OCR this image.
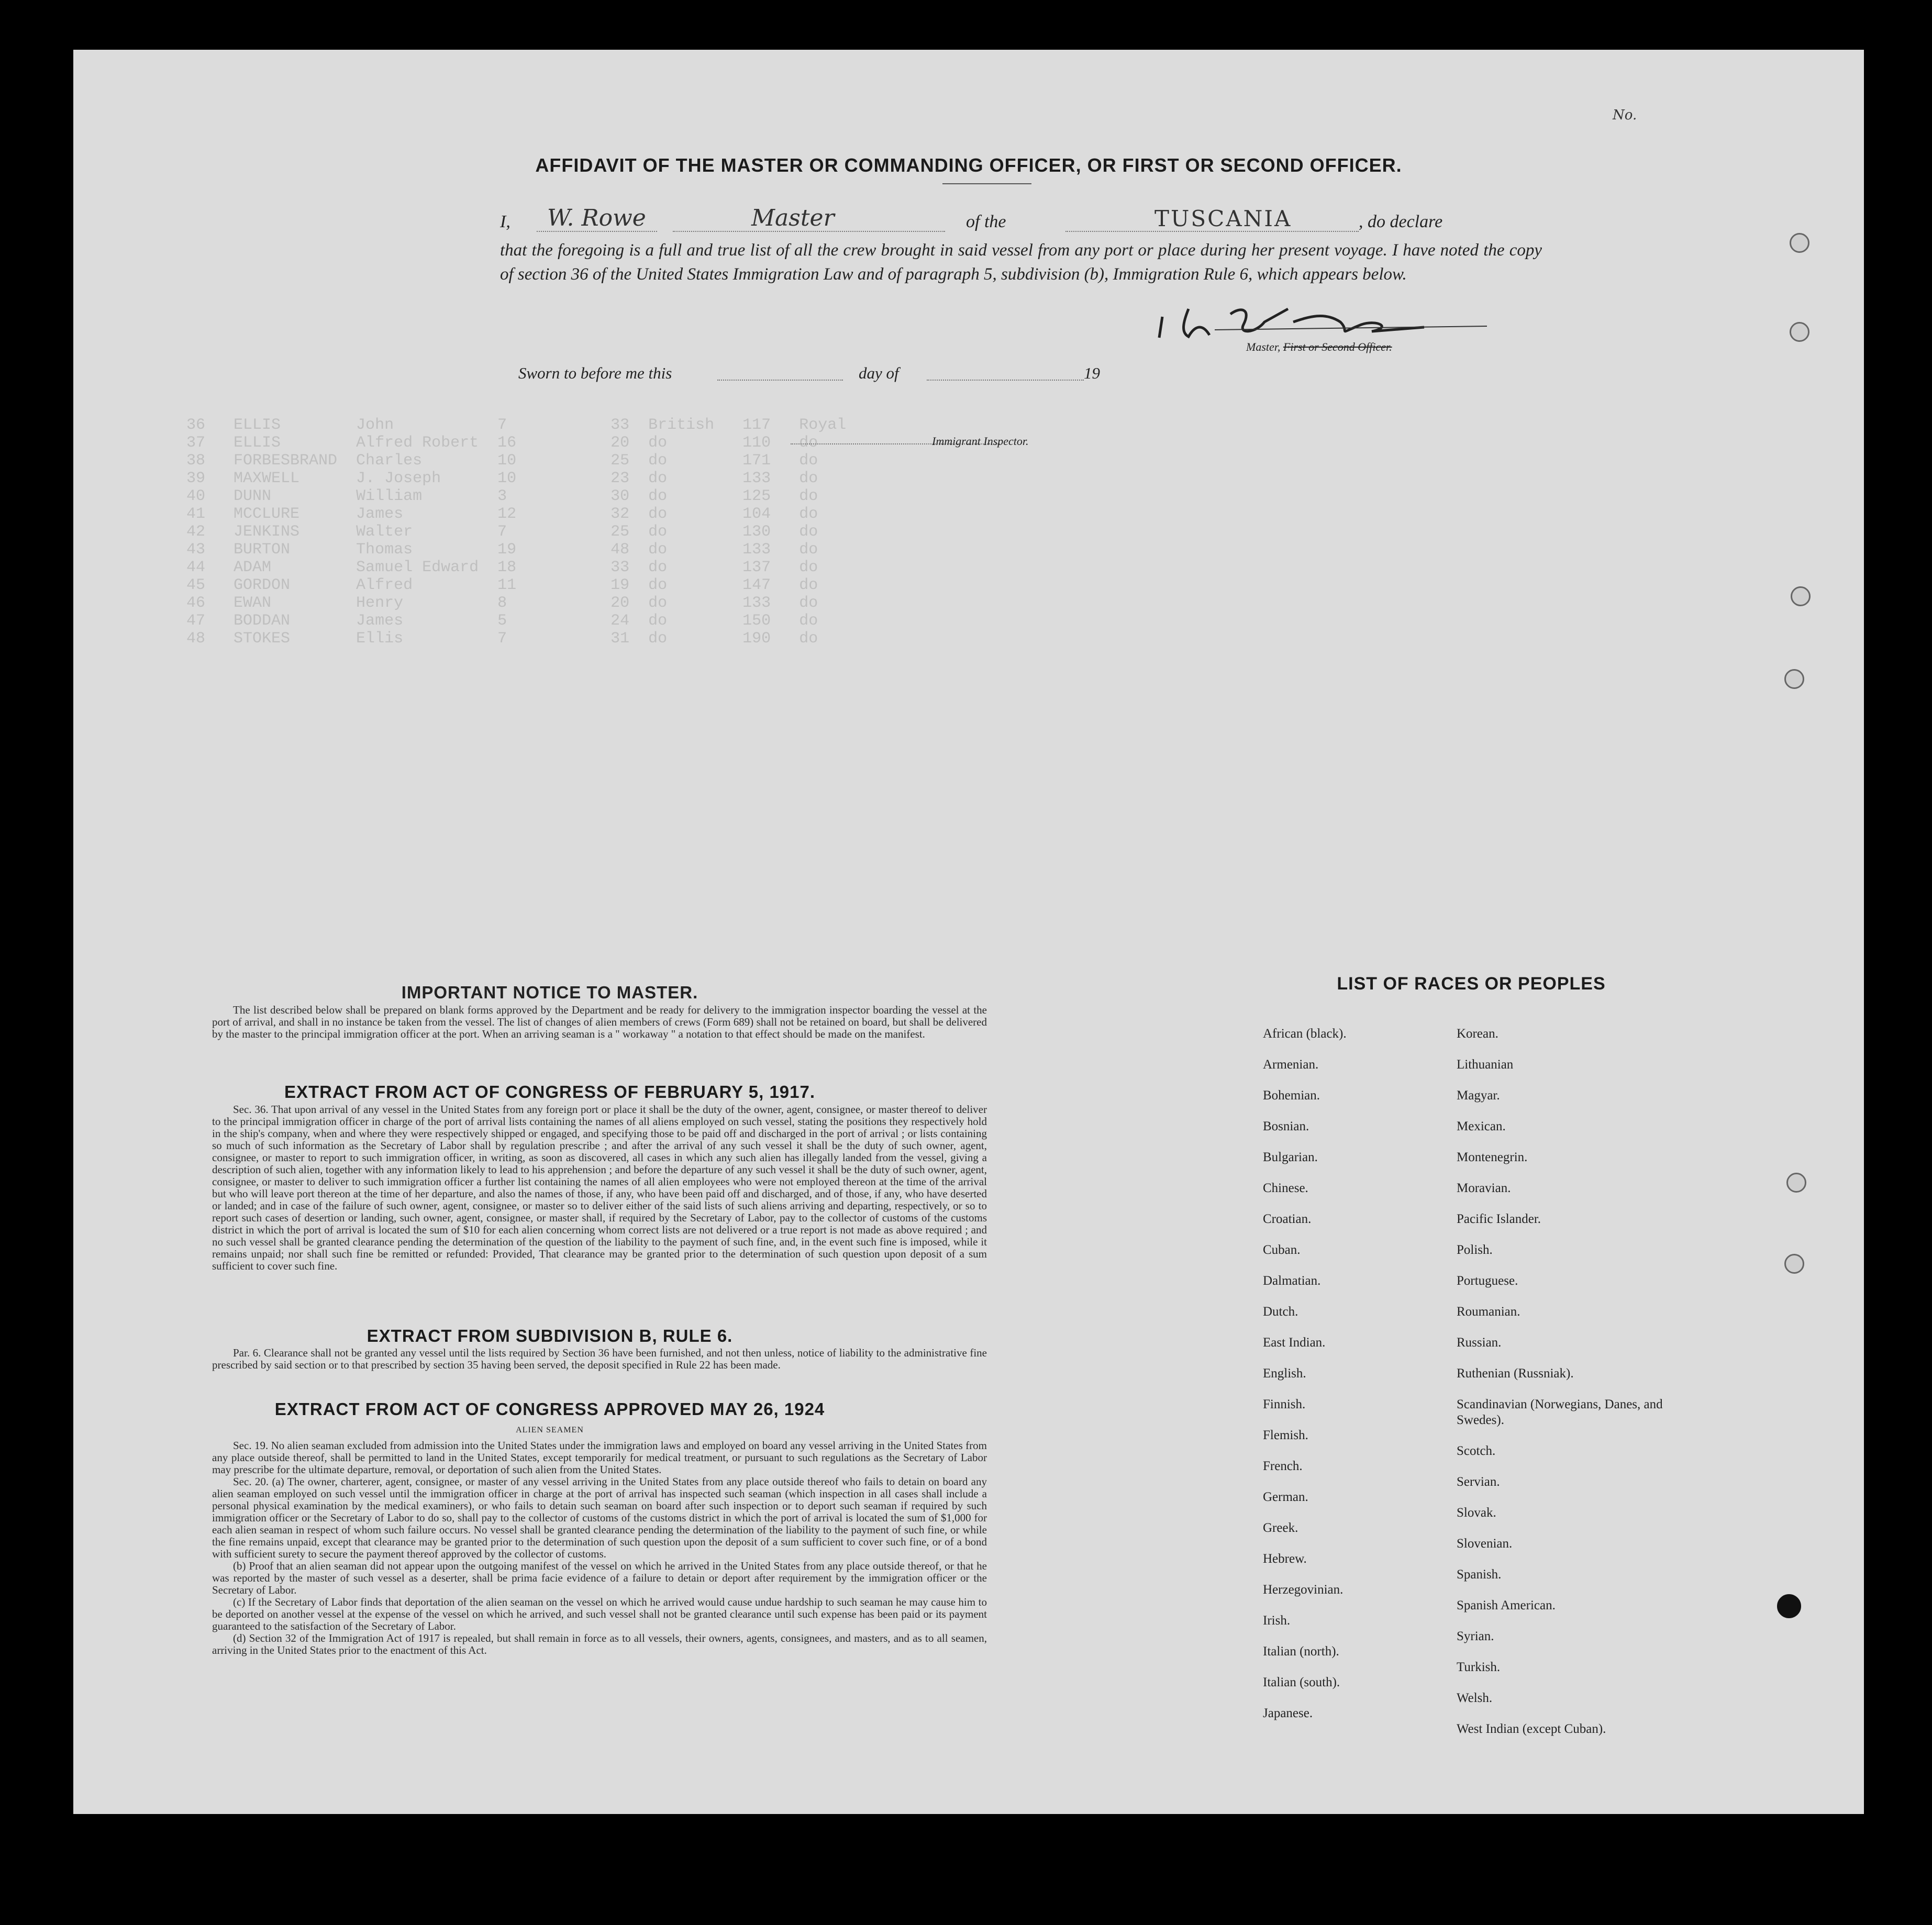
36   ELLIS        John           7           33  British   117   Royal
37   ELLIS        Alfred Robert  16          20  do        110   do
38   FORBESBRAND  Charles        10          25  do        171   do
39   MAXWELL      J. Joseph      10          23  do        133   do
40   DUNN         William        3           30  do        125   do
41   MCCLURE      James          12          32  do        104   do
42   JENKINS      Walter         7           25  do        130   do
43   BURTON       Thomas         19          48  do        133   do
44   ADAM         Samuel Edward  18          33  do        137   do
45   GORDON       Alfred         11          19  do        147   do
46   EWAN         Henry          8           20  do        133   do
47   BODDAN       James          5           24  do        150   do
48   STOKES       Ellis          7           31  do        190   do
AFFIDAVIT OF THE MASTER OR COMMANDING OFFICER, OR FIRST OR SECOND OFFICER.
I, W. Rowe	Master	of the	TUSCANIA	, do declare
that the foregoing is a full and true list of all the crew brought in said vessel from any port or place during her present voyage. I have noted the copy of section 36 of the United States Immigration Law and of paragraph 5, subdivision (b), Immigration Rule 6, which appears below.
Master, First or Second Officer.
Sworn to before me this	day of	19
Immigrant Inspector.
IMPORTANT NOTICE TO MASTER.
The list described below shall be prepared on blank forms approved by the Department and be ready for delivery to the immigration inspector boarding the vessel at the port of arrival, and shall in no instance be taken from the vessel. The list of changes of alien members of crews (Form 689) shall not be retained on board, but shall be delivered by the master to the principal immigration officer at the port. When an arriving seaman is a " workaway " a notation to that effect should be made on the manifest.
EXTRACT FROM ACT OF CONGRESS OF FEBRUARY 5, 1917.
Sec. 36. That upon arrival of any vessel in the United States from any foreign port or place it shall be the duty of the owner, agent, consignee, or master thereof to deliver to the principal immigration officer in charge of the port of arrival lists containing the names of all aliens employed on such vessel, stating the positions they respectively hold in the ship's company, when and where they were respectively shipped or engaged, and specifying those to be paid off and discharged in the port of arrival ; or lists containing so much of such information as the Secretary of Labor shall by regulation prescribe ; and after the arrival of any such vessel it shall be the duty of such owner, agent, consignee, or master to report to such immigration officer, in writing, as soon as discovered, all cases in which any such alien has illegally landed from the vessel, giving a description of such alien, together with any information likely to lead to his apprehension ; and before the departure of any such vessel it shall be the duty of such owner, agent, consignee, or master to deliver to such immigration officer a further list containing the names of all alien employees who were not employed thereon at the time of the arrival but who will leave port thereon at the time of her departure, and also the names of those, if any, who have been paid off and discharged, and of those, if any, who have deserted or landed; and in case of the failure of such owner, agent, consignee, or master so to deliver either of the said lists of such aliens arriving and departing, respectively, or so to report such cases of desertion or landing, such owner, agent, consignee, or master shall, if required by the Secretary of Labor, pay to the collector of customs of the customs district in which the port of arrival is located the sum of $10 for each alien concerning whom correct lists are not delivered or a true report is not made as above required ; and no such vessel shall be granted clearance pending the determination of the question of the liability to the payment of such fine, and, in the event such fine is imposed, while it remains unpaid; nor shall such fine be remitted or refunded: Provided, That clearance may be granted prior to the determination of such question upon deposit of a sum sufficient to cover such fine.
EXTRACT FROM SUBDIVISION B, RULE 6.
Par. 6. Clearance shall not be granted any vessel until the lists required by Section 36 have been furnished, and not then unless, notice of liability to the administrative fine prescribed by said section or to that prescribed by section 35 having been served, the deposit specified in Rule 22 has been made.
EXTRACT FROM ACT OF CONGRESS APPROVED MAY 26, 1924
ALIEN SEAMEN
Sec. 19. No alien seaman excluded from admission into the United States under the immigration laws and employed on board any vessel arriving in the United States from any place outside thereof, shall be permitted to land in the United States, except temporarily for medical treatment, or pursuant to such regulations as the Secretary of Labor may prescribe for the ultimate departure, removal, or deportation of such alien from the United States.
Sec. 20. (a) The owner, charterer, agent, consignee, or master of any vessel arriving in the United States from any place outside thereof who fails to detain on board any alien seaman employed on such vessel until the immigration officer in charge at the port of arrival has inspected such seaman (which inspection in all cases shall include a personal physical examination by the medical examiners), or who fails to detain such seaman on board after such inspection or to deport such seaman if required by such immigration officer or the Secretary of Labor to do so, shall pay to the collector of customs of the customs district in which the port of arrival is located the sum of $1,000 for each alien seaman in respect of whom such failure occurs. No vessel shall be granted clearance pending the determination of the liability to the payment of such fine, or while the fine remains unpaid, except that clearance may be granted prior to the determination of such question upon the deposit of a sum sufficient to cover such fine, or of a bond with sufficient surety to secure the payment thereof approved by the collector of customs.
(b) Proof that an alien seaman did not appear upon the outgoing manifest of the vessel on which he arrived in the United States from any place outside thereof, or that he was reported by the master of such vessel as a deserter, shall be prima facie evidence of a failure to detain or deport after requirement by the immigration officer or the Secretary of Labor.
(c) If the Secretary of Labor finds that deportation of the alien seaman on the vessel on which he arrived would cause undue hardship to such seaman he may cause him to be deported on another vessel at the expense of the vessel on which he arrived, and such vessel shall not be granted clearance until such expense has been paid or its payment guaranteed to the satisfaction of the Secretary of Labor.
(d) Section 32 of the Immigration Act of 1917 is repealed, but shall remain in force as to all vessels, their owners, agents, consignees, and masters, and as to all seamen, arriving in the United States prior to the enactment of this Act.
LIST OF RACES OR PEOPLES
African (black).
Armenian.
Bohemian.
Bosnian.
Bulgarian.
Chinese.
Croatian.
Cuban.
Dalmatian.
Dutch.
East Indian.
English.
Finnish.
Flemish.
French.
German.
Greek.
Hebrew.
Herzegovinian.
Irish.
Italian (north).
Italian (south).
Japanese.
Korean.
Lithuanian
Magyar.
Mexican.
Montenegrin.
Moravian.
Pacific Islander.
Polish.
Portuguese.
Roumanian.
Russian.
Ruthenian (Russniak).
Scandinavian (Norwegians, Danes, and Swedes).
Scotch.
Servian.
Slovak.
Slovenian.
Spanish.
Spanish American.
Syrian.
Turkish.
Welsh.
West Indian (except Cuban).
No.
